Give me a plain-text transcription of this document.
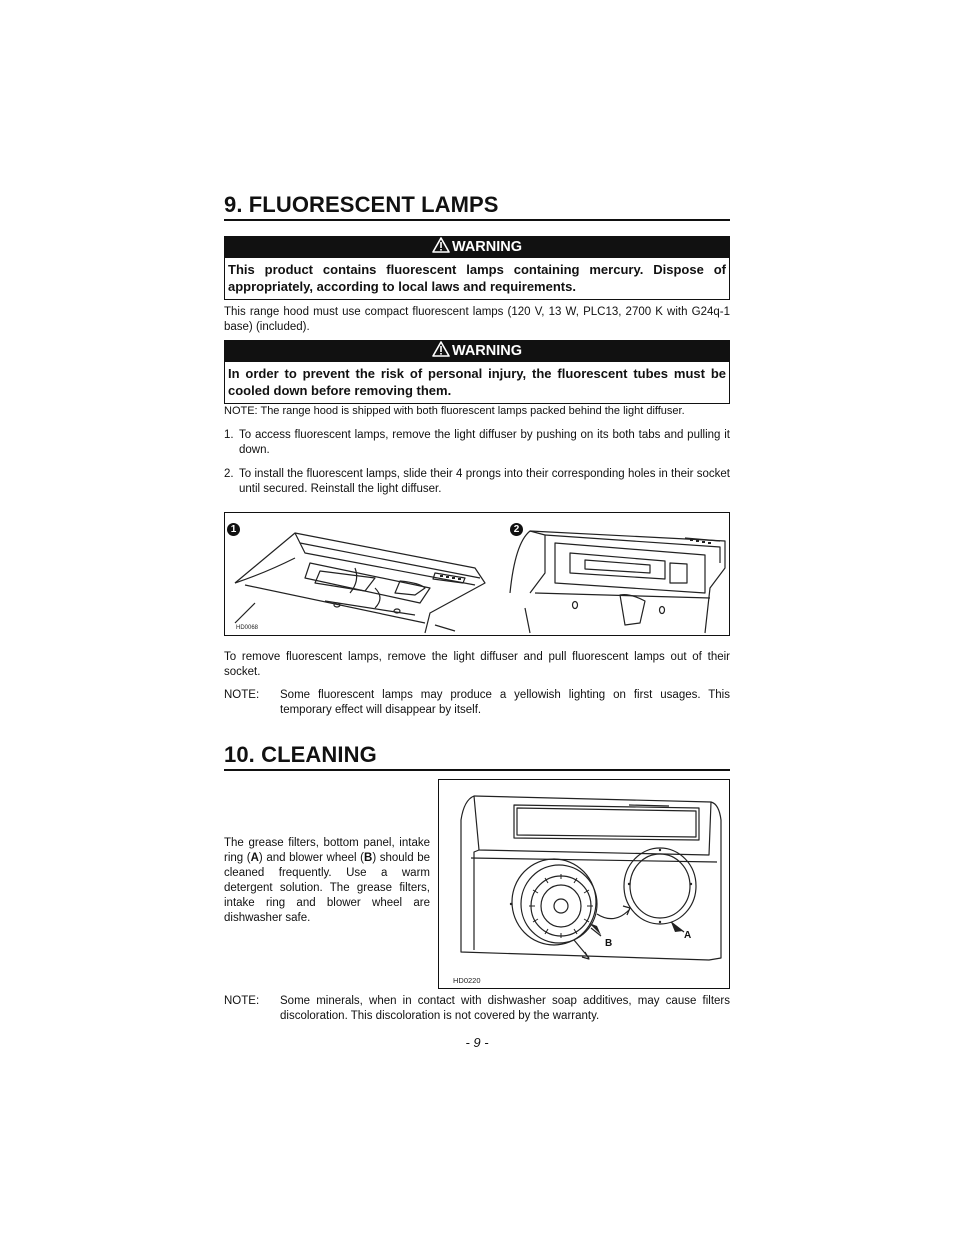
9. FLUORESCENT LAMPS
WARNING
This product contains fluorescent lamps containing mercury. Dispose of appropriately, according to local laws and requirements.

This range hood must use compact fluorescent lamps (120 V, 13 W, PLC13, 2700 K with G24q-1 base) (included).

WARNING
In order to prevent the risk of personal injury, the fluorescent tubes must be cooled down before removing them.

NOTE: The range hood is shipped with both fluorescent lamps packed behind the light diffuser.

1. To access fluorescent lamps, remove the light diffuser by pushing on its both tabs and pulling it down.
2. To install the fluorescent lamps, slide their 4 prongs into their corresponding holes in their socket until secured. Reinstall the light diffuser.
1	2
HD0068

To remove fluorescent lamps, remove the light diffuser and pull fluorescent lamps out of their socket.

NOTE: Some fluorescent lamps may produce a yellowish lighting on first usages. This temporary effect will disappear by itself.
10. CLEANING
The grease filters, bottom panel, intake ring (A) and blower wheel (B) should be cleaned frequently. Use a warm detergent solution. The grease filters, intake ring and blower wheel are dishwasher safe.
B
A
HD0220
NOTE: Some minerals, when in contact with dishwasher soap additives, may cause filters discoloration. This discoloration is not covered by the warranty.
- 9 -
